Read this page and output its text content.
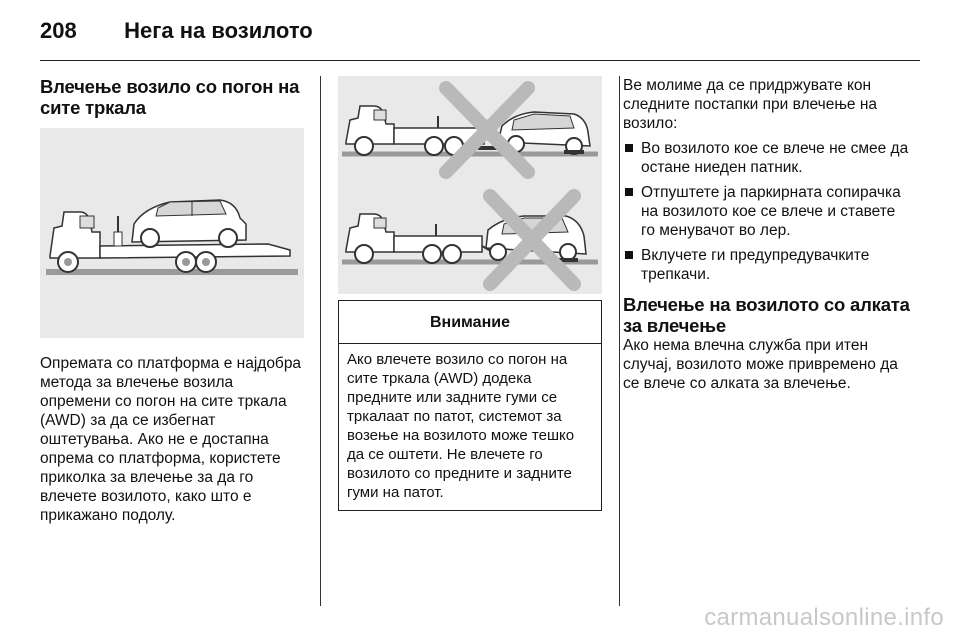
208 Нега на возилото
Влечење возило со погон на сите тркала

Опремата со платформа е најдобра метода за влечење возила опремени со погон на сите тркала (AWD) за да се избегнат оштетувања. Ако не е достапна опрема со платформа, користете приколка за влечење за да го влечете возилото, како што е прикажано подолу.

Внимание
Ако влечете возило со погон на сите тркала (AWD) додека предните или задните гуми се тркалаат по патот, системот за возење на возилото може тешко да се оштети. Не влечете го возилото со предните и задните гуми на патот.

Ве молиме да се придржувате кон следните постапки при влечење на возило:

Во возилото кое се влече не смее да остане ниеден патник.
Отпуштете ја паркирната сопирачка на возилото кое се влече и ставете го менувачот во лер.
Вклучете ги предупредувачките трепкачи.
Влечење на возилото со алката за влечење

Ако нема влечна служба при итен случај, возилото може привремено да се влече со алката за влечење.

carmanualsonline.info
